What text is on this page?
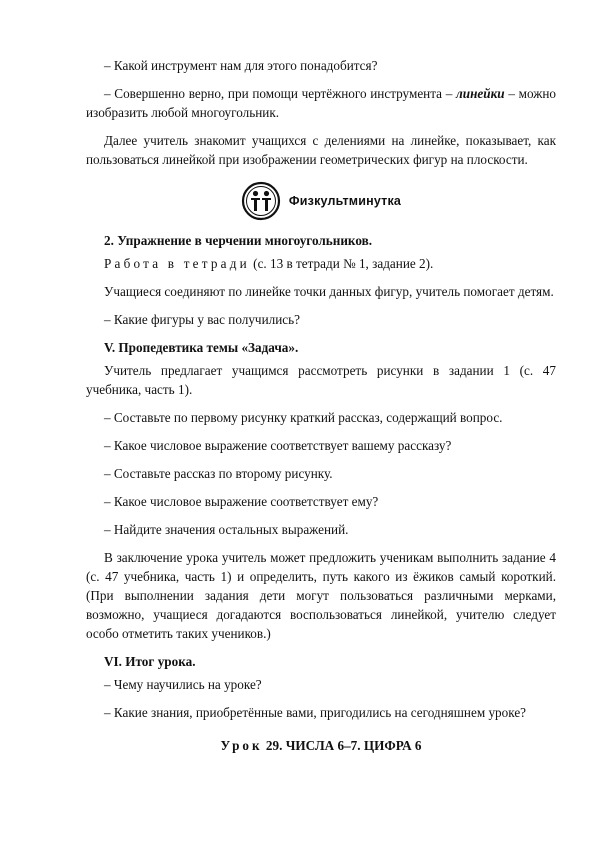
– Какой инструмент нам для этого понадобится?

– Совершенно верно, при помощи чертёжного инструмента – линейки – можно изобразить любой многоугольник.

Далее учитель знакомит учащихся с делениями на линейке, показывает, как пользоваться линейкой при изображении геометрических фигур на плоскости.

Физкультминутка

2. Упражнение в черчении многоугольников.

Работа в тетради (с. 13 в тетради № 1, задание 2).

Учащиеся соединяют по линейке точки данных фигур, учитель помогает детям.

– Какие фигуры у вас получились?

V. Пропедевтика темы «Задача».

Учитель предлагает учащимся рассмотреть рисунки в задании 1 (с. 47 учебника, часть 1).

– Составьте по первому рисунку краткий рассказ, содержащий вопрос.

– Какое числовое выражение соответствует вашему рассказу?

– Составьте рассказ по второму рисунку.

– Какое числовое выражение соответствует ему?

– Найдите значения остальных выражений.

В заключение урока учитель может предложить ученикам выполнить задание 4 (с. 47 учебника, часть 1) и определить, путь какого из ёжиков самый короткий. (При выполнении задания дети могут пользоваться различными мерками, возможно, учащиеся догадаются воспользоваться линейкой, учителю следует особо отметить таких учеников.)

VI. Итог урока.

– Чему научились на уроке?

– Какие знания, приобретённые вами, пригодились на сегодняшнем уроке?

Урок 29. ЧИСЛА 6–7. ЦИФРА 6
